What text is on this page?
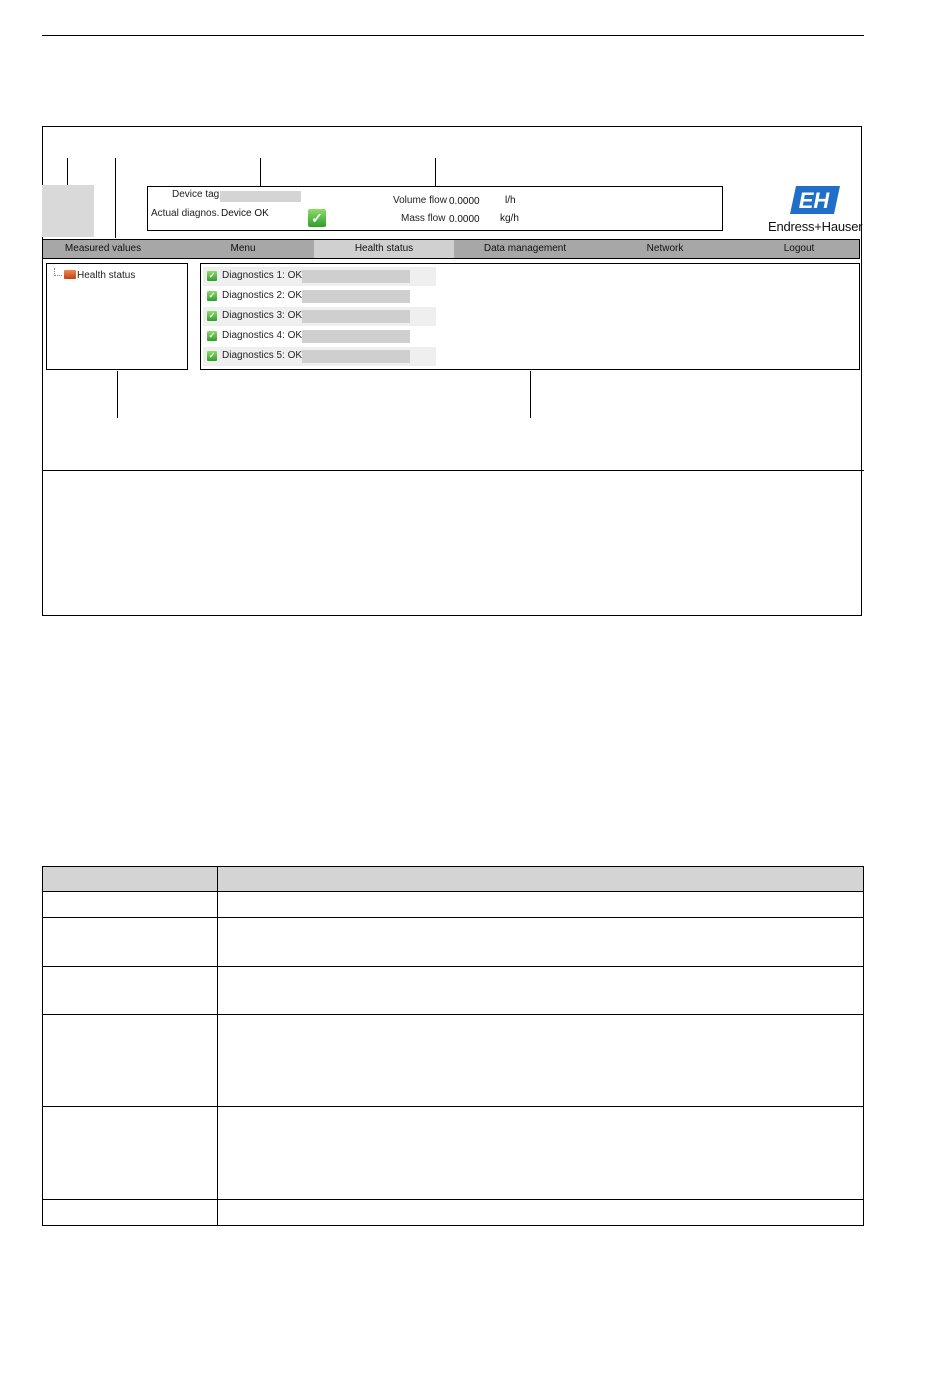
Device tag
Actual diagnos. Device OK	✓
Volume flow 0.0000	l/h
Mass flow 0.0000 kg/h
EH
Endress+Hauser
Measured values	Menu	Health status	Data management	Network	Logout
Health status	✓ Diagnostics 1: OK
✓ Diagnostics 2: OK
✓ Diagnostics 3: OK
✓ Diagnostics 4: OK
✓ Diagnostics 5: OK
